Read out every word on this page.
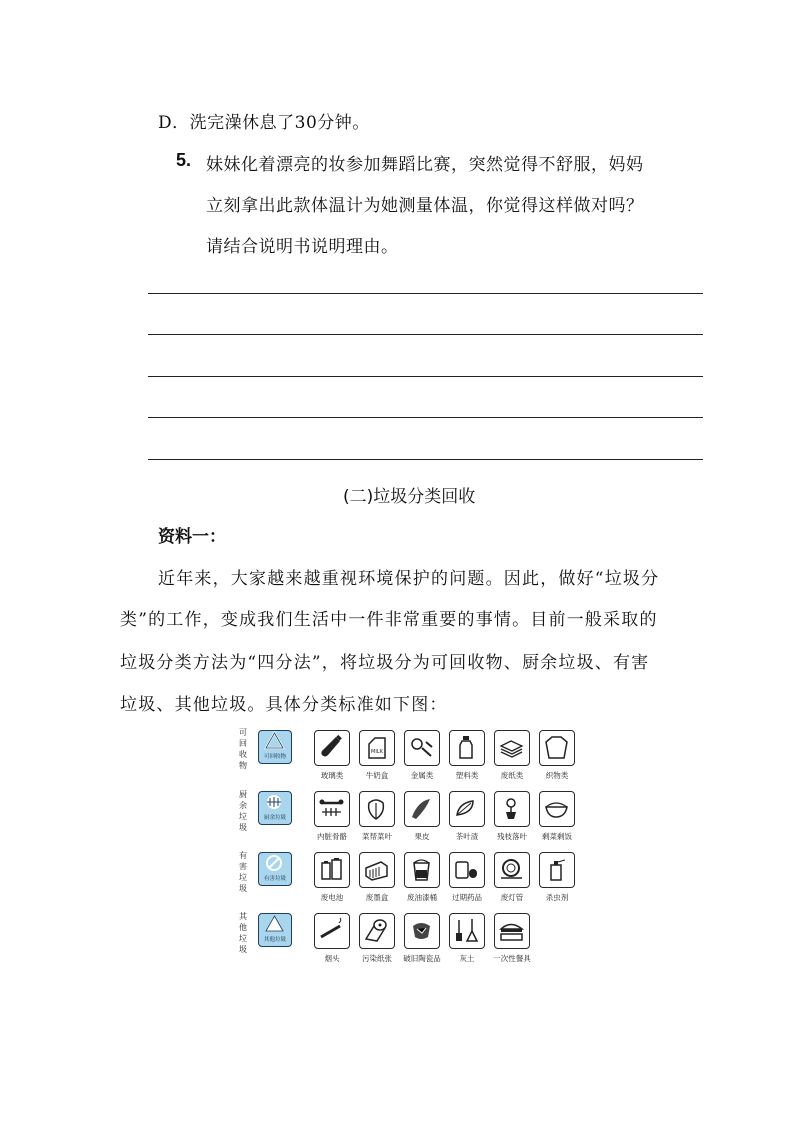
D．洗完澡休息了30分钟。
5. 妹妹化着漂亮的妆参加舞蹈比赛，突然觉得不舒服，妈妈
立刻拿出此款体温计为她测量体温，你觉得这样做对吗？
请结合说明书说明理由。
(二)垃圾分类回收
资料一：
近年来，大家越来越重视环境保护的问题。因此，做好“垃圾分
类”的工作，变成我们生活中一件非常重要的事情。目前一般采取的
垃圾分类方法为“四分法”，将垃圾分为可回收物、厨余垃圾、有害
垃圾、其他垃圾。具体分类标准如下图：
可回收物
可回收物
MILK
玻璃类	牛奶盒	金属类	塑料类	废纸类	织物类
厨余垃圾
厨余垃圾
内脏骨骼	菜帮菜叶	果皮	茶叶渣	残枝落叶	剩菜剩饭
有害垃圾
有害垃圾
废电池	废墨盒	废油漆桶	过期药品	废灯管	杀虫剂
其他垃圾
其他垃圾
烟头	污染纸张	破旧陶瓷品	灰土	一次性餐具
